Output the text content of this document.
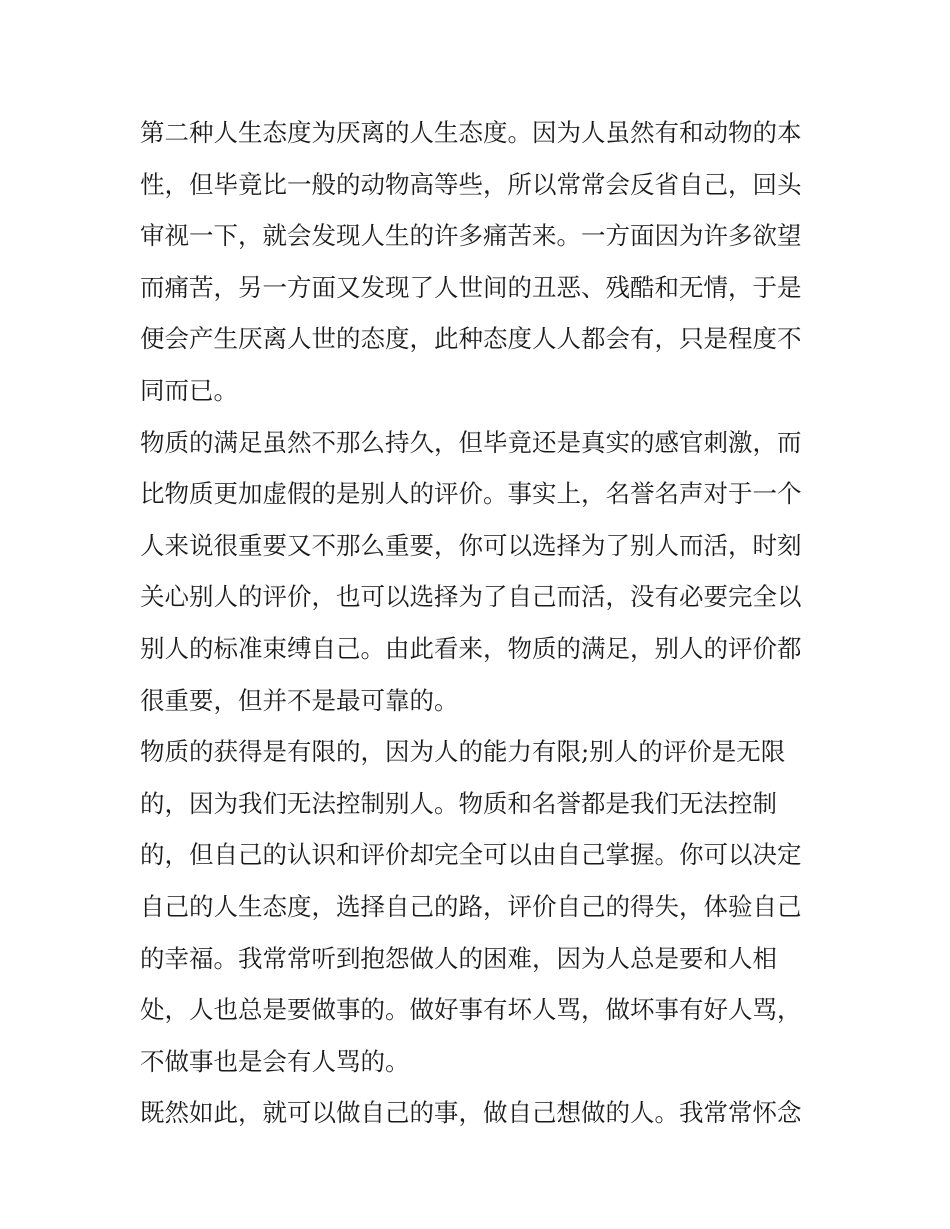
第二种人生态度为厌离的人生态度。因为人虽然有和动物的本
性，但毕竟比一般的动物高等些，所以常常会反省自己，回头
审视一下，就会发现人生的许多痛苦来。一方面因为许多欲望
而痛苦，另一方面又发现了人世间的丑恶、残酷和无情，于是
便会产生厌离人世的态度，此种态度人人都会有，只是程度不
同而已。
物质的满足虽然不那么持久，但毕竟还是真实的感官刺激，而
比物质更加虚假的是别人的评价。事实上，名誉名声对于一个
人来说很重要又不那么重要，你可以选择为了别人而活，时刻
关心别人的评价，也可以选择为了自己而活，没有必要完全以
别人的标准束缚自己。由此看来，物质的满足，别人的评价都
很重要，但并不是最可靠的。
物质的获得是有限的，因为人的能力有限;别人的评价是无限
的，因为我们无法控制别人。物质和名誉都是我们无法控制
的，但自己的认识和评价却完全可以由自己掌握。你可以决定
自己的人生态度，选择自己的路，评价自己的得失，体验自己
的幸福。我常常听到抱怨做人的困难，因为人总是要和人相
处，人也总是要做事的。做好事有坏人骂，做坏事有好人骂，
不做事也是会有人骂的。
既然如此，就可以做自己的事，做自己想做的人。我常常怀念
